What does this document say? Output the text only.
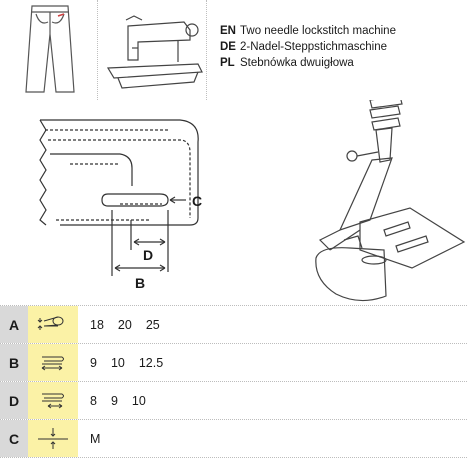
EN Two needle lockstitch machine
DE 2-Nadel-Steppstichmaschine
PL Stebnówka dwuigłowa
C
D
B
A	18 20 25
B	9 10 12.5
D	8 9 10
C	M
